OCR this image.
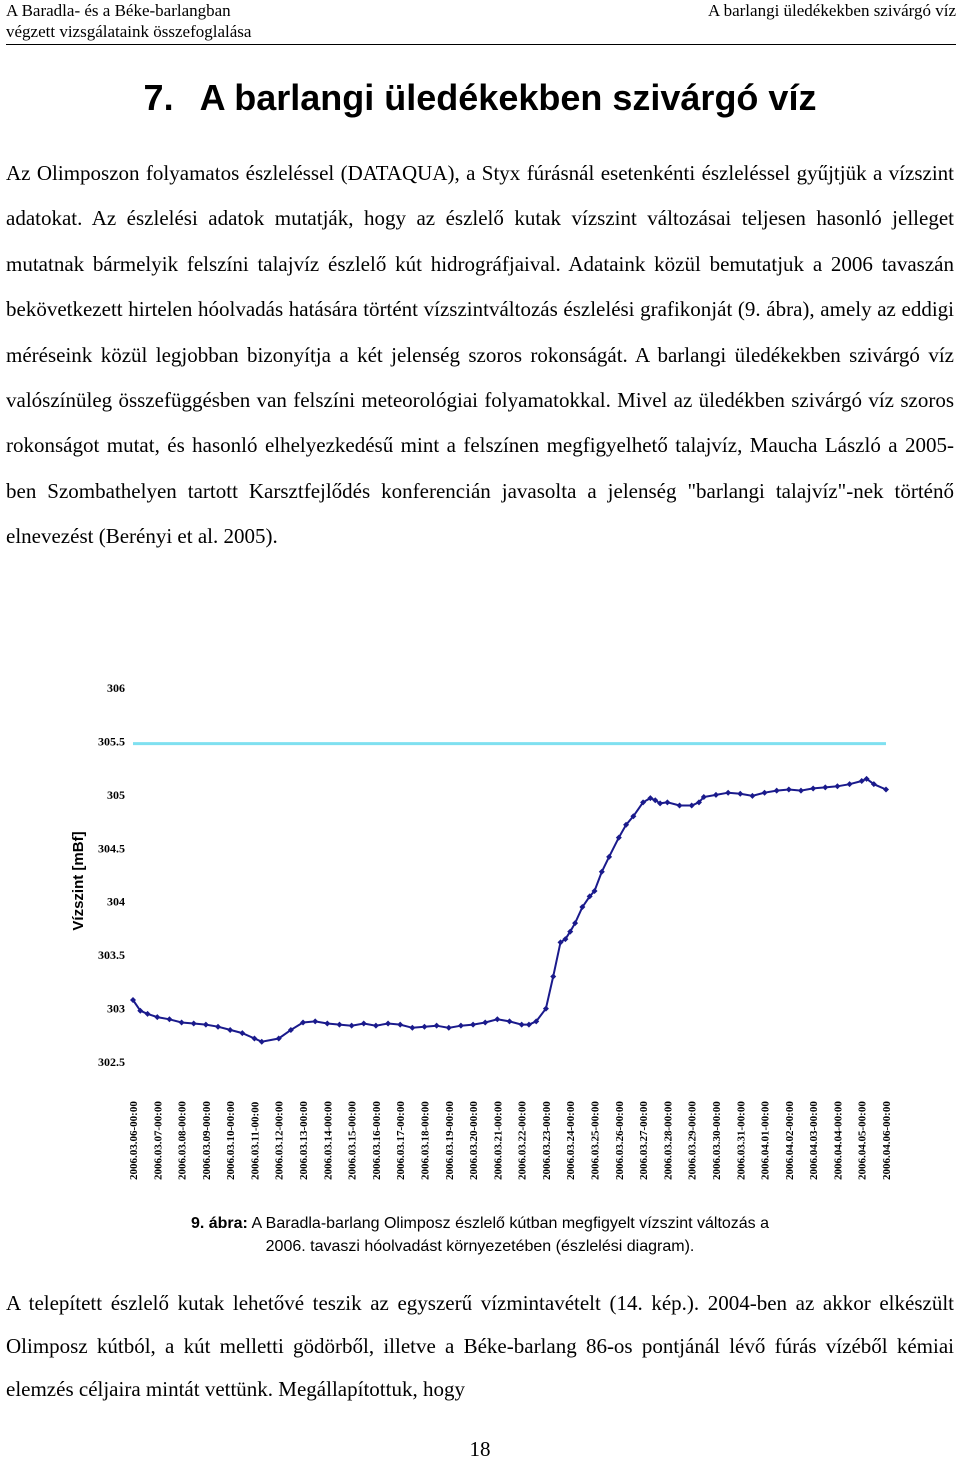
A Baradla- és a Béke-barlangban
végzett vizsgálataink összefoglalása
A barlangi üledékekben szivárgó víz
7. A barlangi üledékekben szivárgó víz
Az Olimposzon folyamatos észleléssel (DATAQUA), a Styx fúrásnál esetenkénti észleléssel gyűjtjük a vízszint adatokat. Az észlelési adatok mutatják, hogy az észlelő kutak vízszint változásai teljesen hasonló jelleget mutatnak bármelyik felszíni talajvíz észlelő kút hidrográfjaival. Adataink közül bemutatjuk a 2006 tavaszán bekövetkezett hirtelen hóolvadás hatására történt vízszintváltozás észlelési grafikonját (9. ábra), amely az eddigi méréseink közül legjobban bizonyítja a két jelenség szoros rokonságát. A barlangi üledékekben szivárgó víz valószínüleg összefüggésben van felszíni meteorológiai folyamatokkal. Mivel az üledékben szivárgó víz szoros rokonságot mutat, és hasonló elhelyezkedésű mint a felszínen megfigyelhető talajvíz, Maucha László a 2005-ben Szombathelyen tartott Karsztfejlődés konferencián javasolta a jelenség "barlangi talajvíz"-nek történő elnevezést (Berényi et al. 2005).
Vízszint [mBf]
306
305.5
305
304.5
304
303.5
303
302.5
2006.03.06-00:00 2006.03.07-00:00 2006.03.08-00:00 2006.03.09-00:00 2006.03.10-00:00 2006.03.11-00:00 2006.03.12-00:00 2006.03.13-00:00 2006.03.14-00:00 2006.03.15-00:00 2006.03.16-00:00 2006.03.17-00:00 2006.03.18-00:00 2006.03.19-00:00 2006.03.20-00:00 2006.03.21-00:00 2006.03.22-00:00 2006.03.23-00:00 2006.03.24-00:00 2006.03.25-00:00 2006.03.26-00:00 2006.03.27-00:00 2006.03.28-00:00 2006.03.29-00:00 2006.03.30-00:00 2006.03.31-00:00 2006.04.01-00:00 2006.04.02-00:00 2006.04.03-00:00 2006.04.04-00:00 2006.04.05-00:00 2006.04.06-00:00
9. ábra: A Baradla-barlang Olimposz észlelő kútban megfigyelt vízszint változás a
2006. tavaszi hóolvadást környezetében (észlelési diagram).
A telepített észlelő kutak lehetővé teszik az egyszerű vízmintavételt (14. kép.). 2004-ben az akkor elkészült Olimposz kútból, a kút melletti gödörből, illetve a Béke-barlang 86-os pontjánál lévő fúrás vízéből kémiai elemzés céljaira mintát vettünk. Megállapítottuk, hogy
18
